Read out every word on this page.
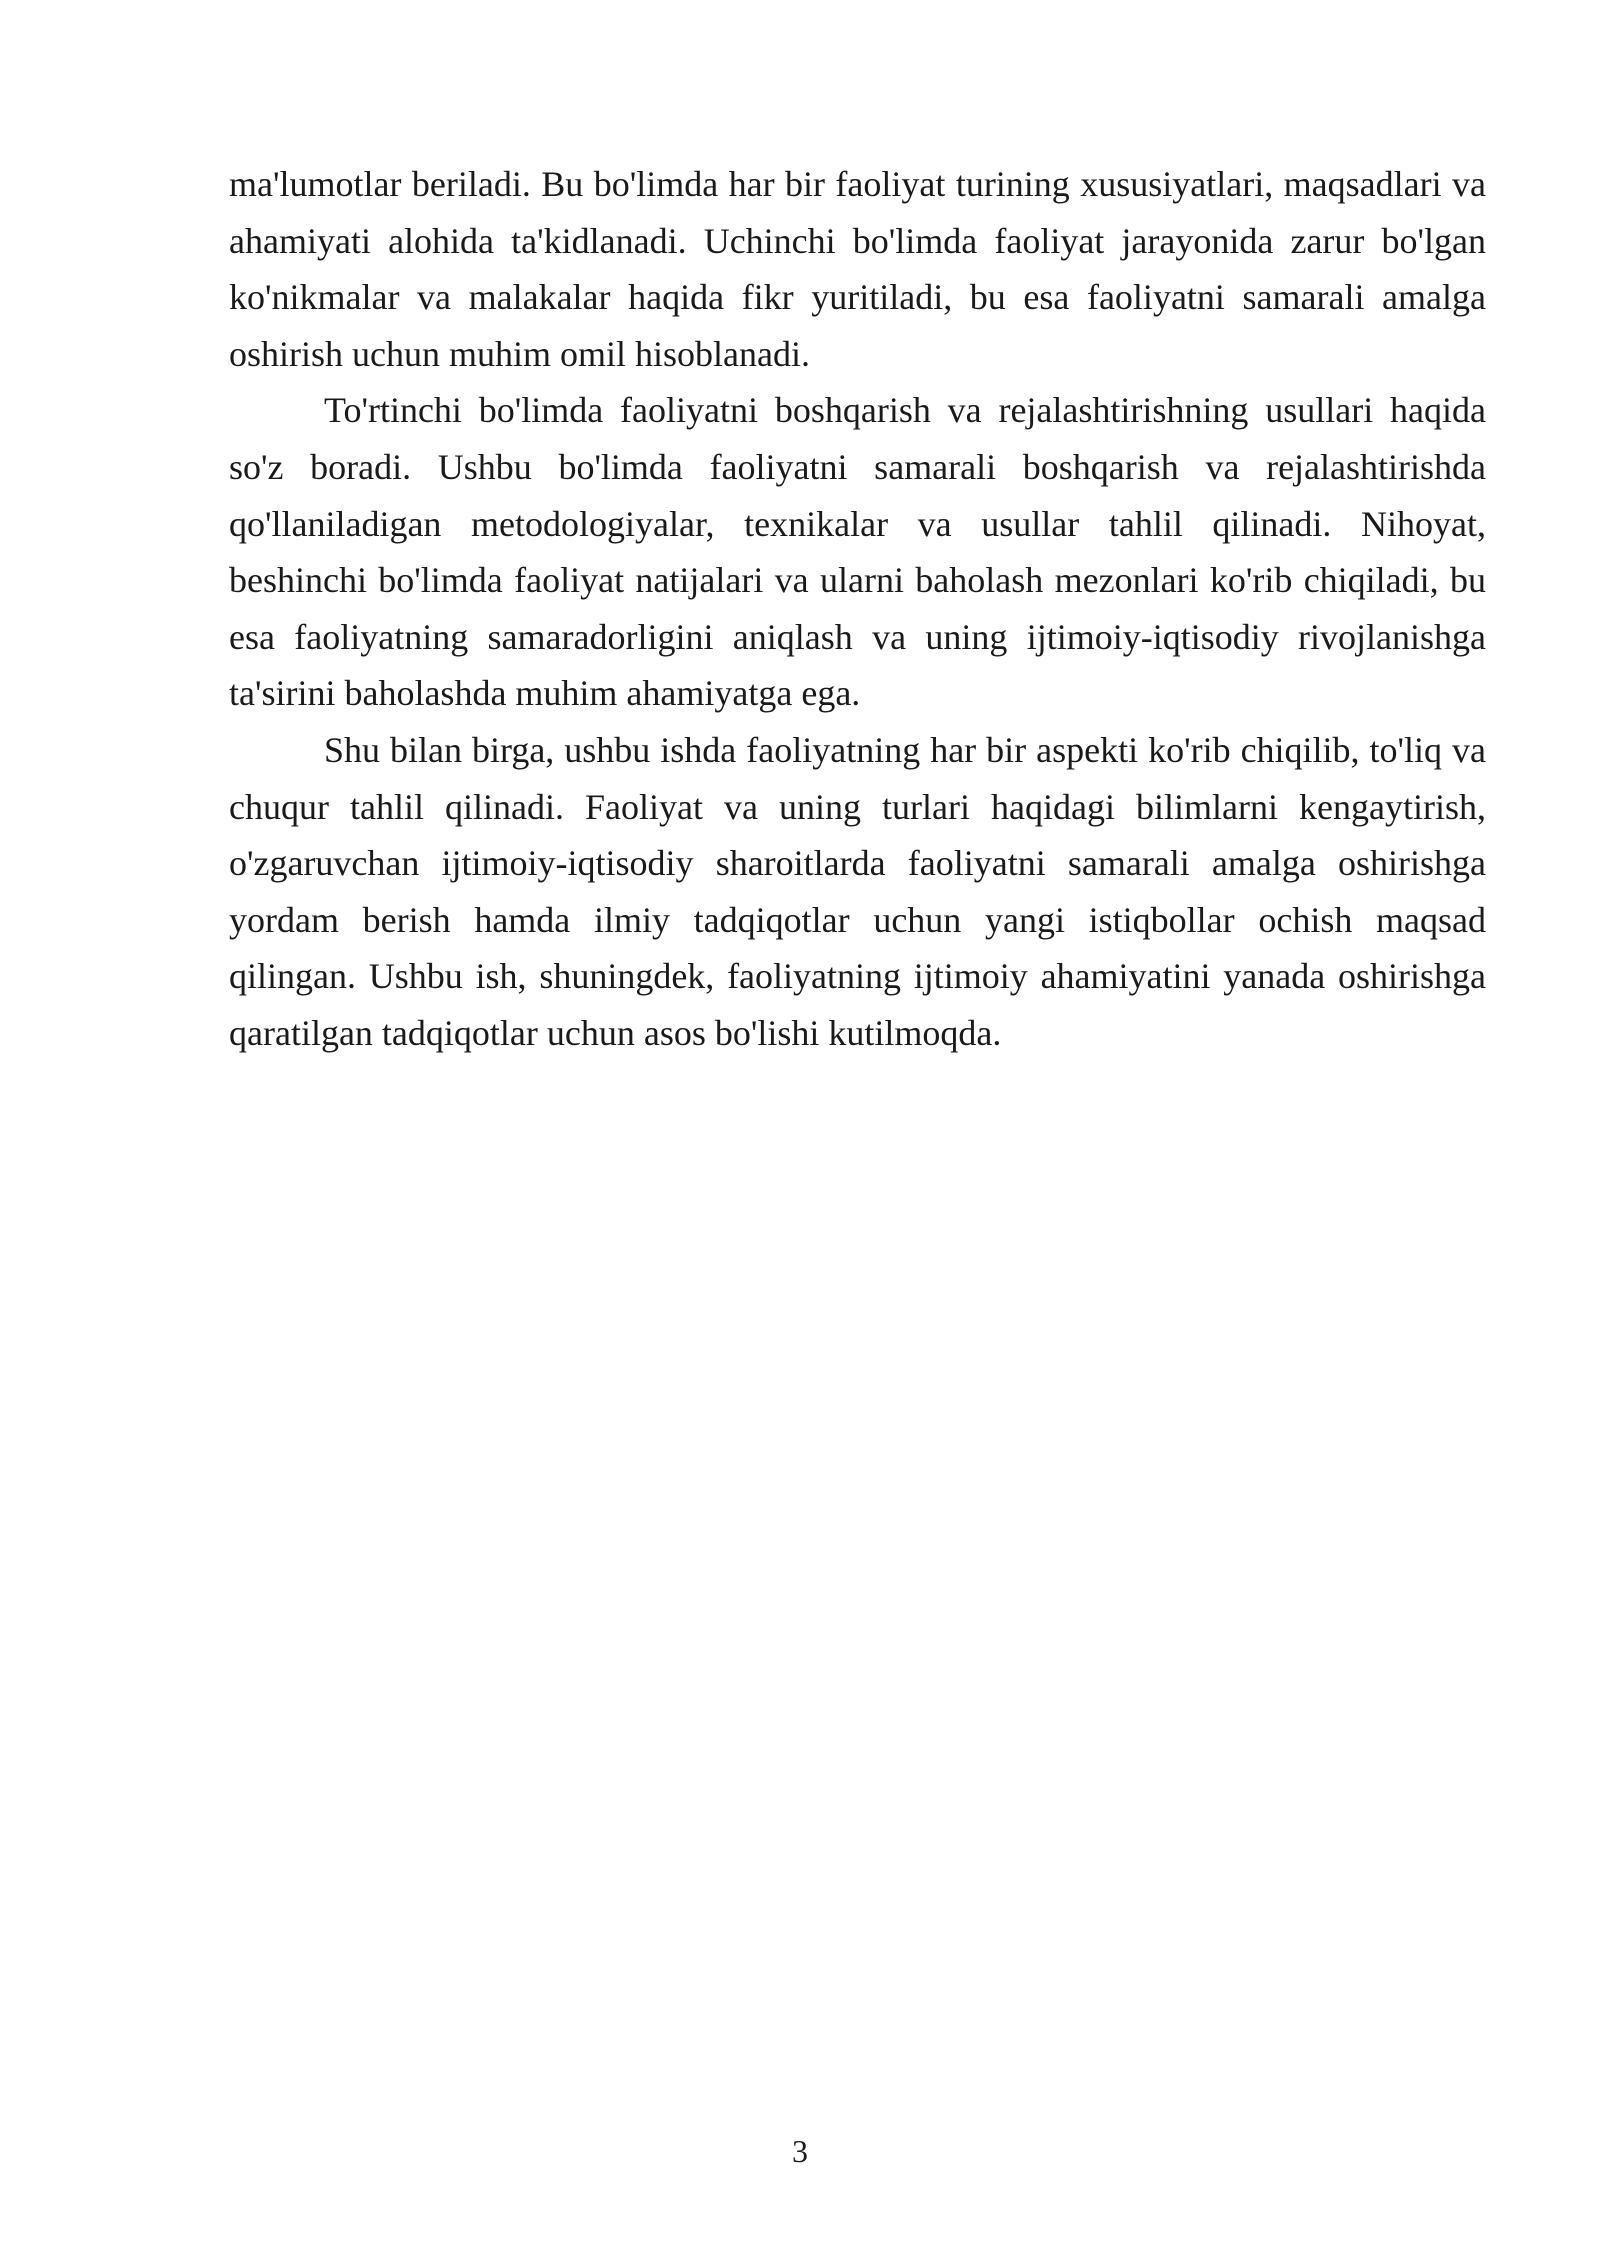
ma'lumotlar beriladi. Bu bo'limda har bir faoliyat turining xususiyatlari, maqsadlari va ahamiyati alohida ta'kidlanadi. Uchinchi bo'limda faoliyat jarayonida zarur bo'lgan ko'nikmalar va malakalar haqida fikr yuritiladi, bu esa faoliyatni samarali amalga oshirish uchun muhim omil hisoblanadi.

To'rtinchi bo'limda faoliyatni boshqarish va rejalashtirishning usullari haqida so'z boradi. Ushbu bo'limda faoliyatni samarali boshqarish va rejalashtirishda qo'llaniladigan metodologiyalar, texnikalar va usullar tahlil qilinadi. Nihoyat, beshinchi bo'limda faoliyat natijalari va ularni baholash mezonlari ko'rib chiqiladi, bu esa faoliyatning samaradorligini aniqlash va uning ijtimoiy-iqtisodiy rivojlanishga ta'sirini baholashda muhim ahamiyatga ega.

Shu bilan birga, ushbu ishda faoliyatning har bir aspekti ko'rib chiqilib, to'liq va chuqur tahlil qilinadi. Faoliyat va uning turlari haqidagi bilimlarni kengaytirish, o'zgaruvchan ijtimoiy-iqtisodiy sharoitlarda faoliyatni samarali amalga oshirishga yordam berish hamda ilmiy tadqiqotlar uchun yangi istiqbollar ochish maqsad qilingan. Ushbu ish, shuningdek, faoliyatning ijtimoiy ahamiyatini yanada oshirishga qaratilgan tadqiqotlar uchun asos bo'lishi kutilmoqda.

3
